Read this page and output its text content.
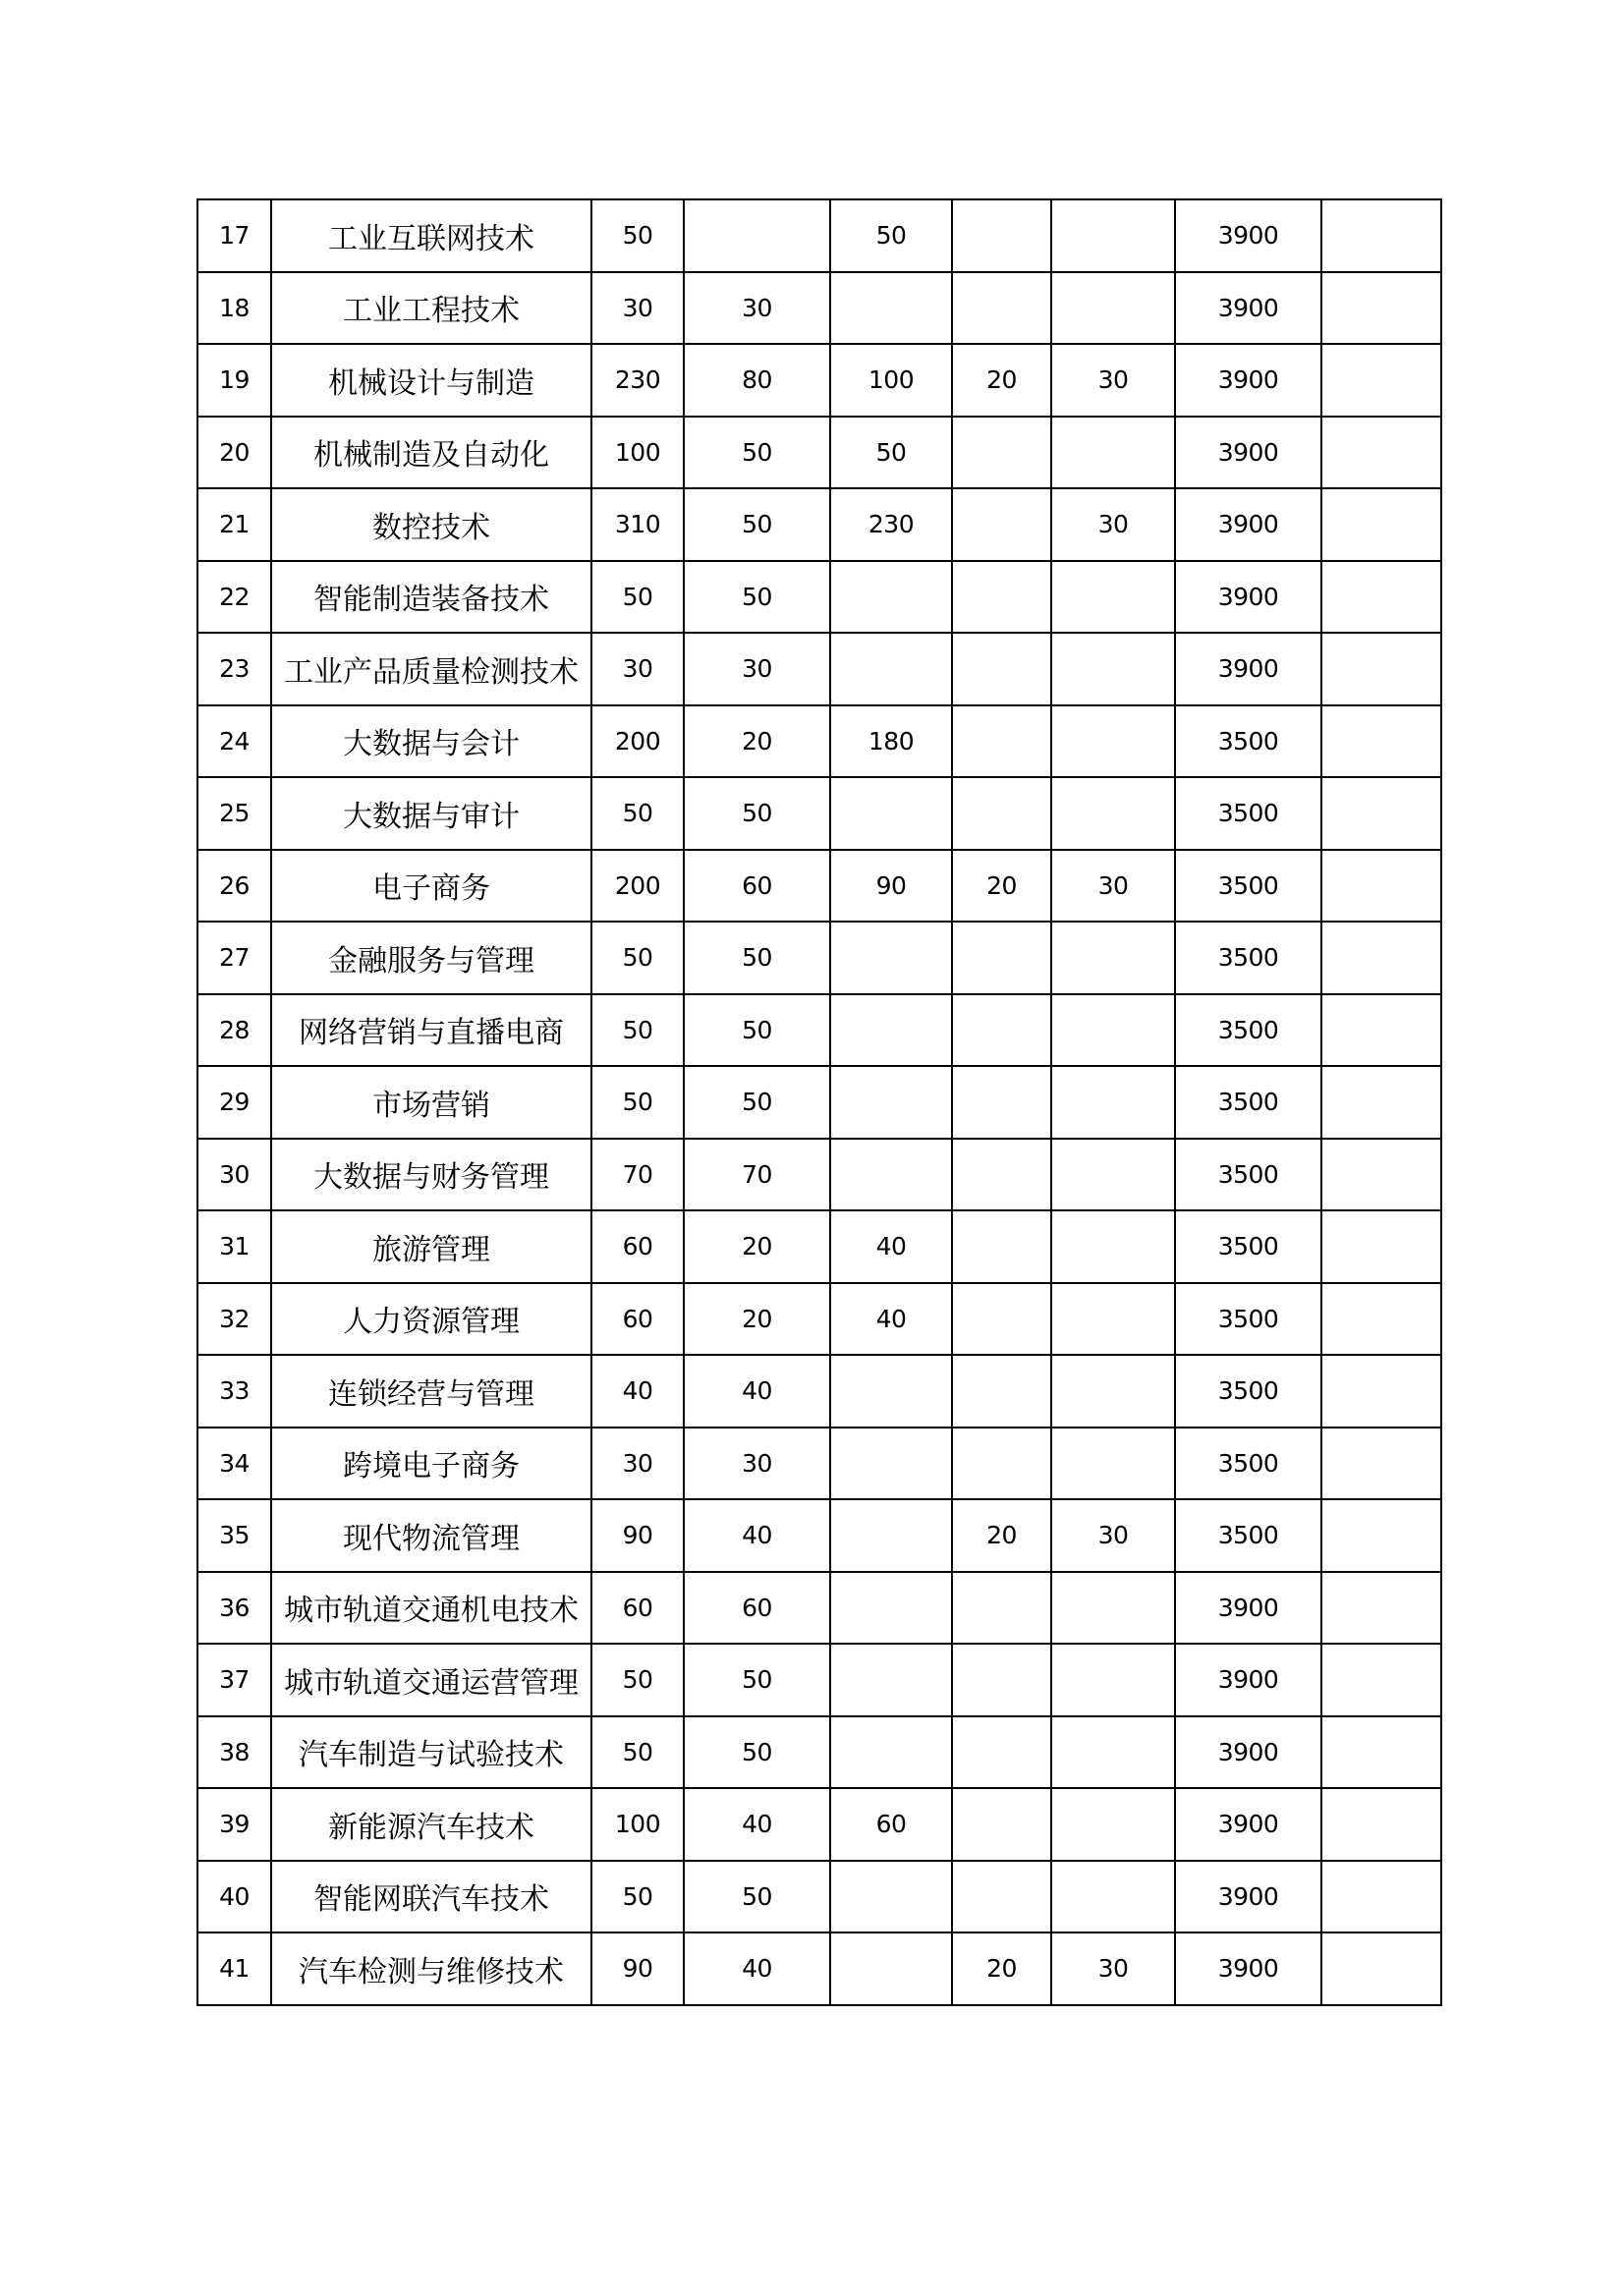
17	工业互联网技术	50		50			3900	
18	工业工程技术	30	30				3900	
19	机械设计与制造	230	80	100	20	30	3900	
20	机械制造及自动化	100	50	50			3900	
21	数控技术	310	50	230		30	3900	
22	智能制造装备技术	50	50				3900	
23	工业产品质量检测技术	30	30				3900	
24	大数据与会计	200	20	180			3500	
25	大数据与审计	50	50				3500	
26	电子商务	200	60	90	20	30	3500	
27	金融服务与管理	50	50				3500	
28	网络营销与直播电商	50	50				3500	
29	市场营销	50	50				3500	
30	大数据与财务管理	70	70				3500	
31	旅游管理	60	20	40			3500	
32	人力资源管理	60	20	40			3500	
33	连锁经营与管理	40	40				3500	
34	跨境电子商务	30	30				3500	
35	现代物流管理	90	40		20	30	3500	
36	城市轨道交通机电技术	60	60				3900	
37	城市轨道交通运营管理	50	50				3900	
38	汽车制造与试验技术	50	50				3900	
39	新能源汽车技术	100	40	60			3900	
40	智能网联汽车技术	50	50				3900	
41	汽车检测与维修技术	90	40		20	30	3900	
